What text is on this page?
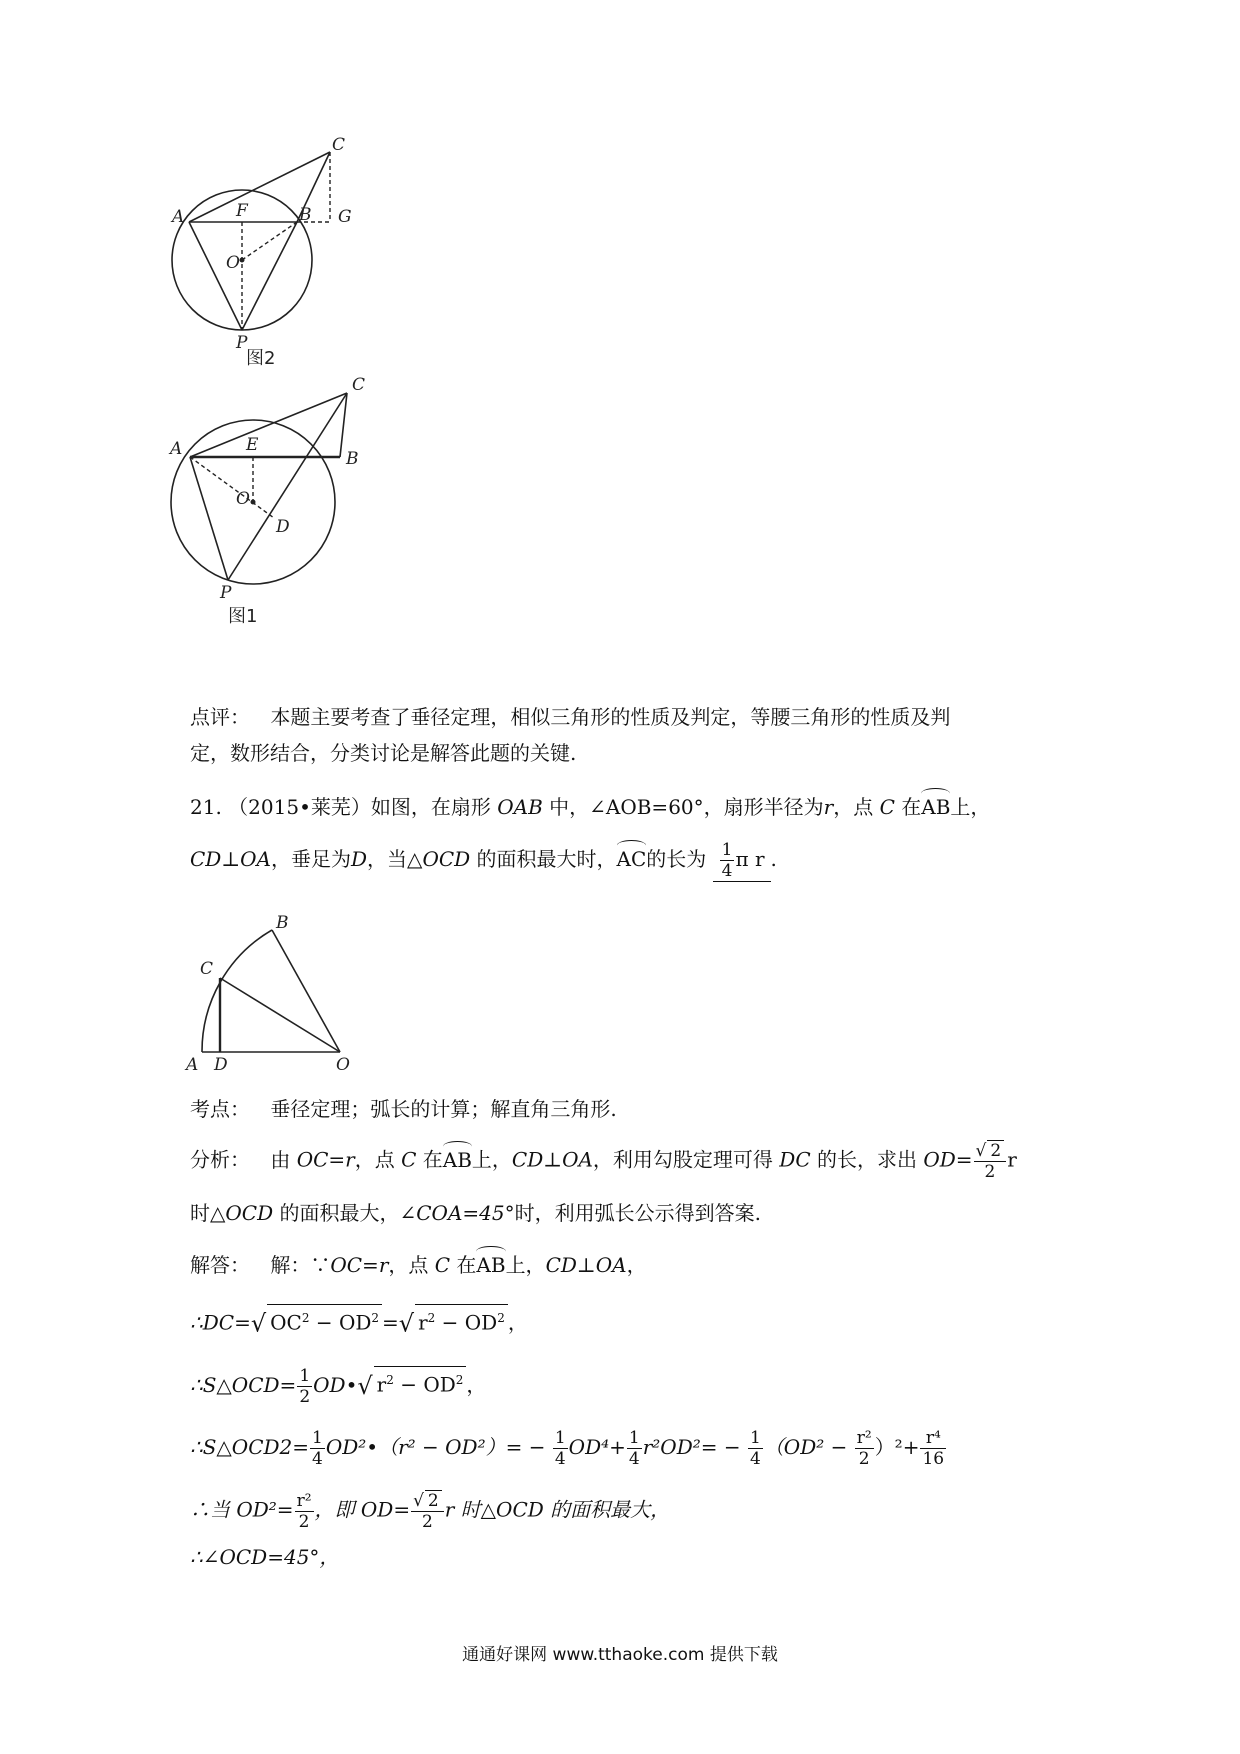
C
A	F	B G
O
P
图2
C
A	E
B
O
D
P
图1
点评： 本题主要考查了垂径定理，相似三角形的性质及判定，等腰三角形的性质及判
定，数形结合，分类讨论是解答此题的关键.
21. （2015•莱芜）如图，在扇形 OAB 中，∠AOB=60°，扇形半径为r，点 C 在AB上，
CD⊥OA，垂足为D，当△OCD 的面积最大时，AC的长为 $\frac{1}{4}$ π r .
B
C
A D	O
考点： 垂径定理；弧长的计算；解直角三角形.
分析： 由 OC=r，点 C 在AB上，CD⊥OA，利用勾股定理可得 DC 的长，求出 $OD= \frac{√ 2}{2}$ r
时△OCD 的面积最大，∠COA=45°时，利用弧长公示得到答案.
解答： 解：∵OC=r，点 C 在AB上，CD⊥OA，
∴DC=√ $OC^2 - OD^2$ =√ $r^2 - OD^2$ ，
∴S△OCD= $\frac{1}{2}$ OD•√ $r^2 - OD^2$ ，
∴S△OCD2= $\frac{1}{4}$ OD²•（r² − $OD^2)= - \frac{1}{4} OD^4+ \frac{1}{4} r^2OD^2= - \frac{1}{4} (OD^2 - \frac{\text{r²}}{2} )^2+ \frac{\text{r⁴}}{16}$
∴当 $OD^2= \frac{\text{r²}}{2}$ ，即 $OD= \frac{√ 2}{2}$ r 时△OCD 的面积最大，
∴∠OCD=45°，
通通好课网 www.tthaoke.com 提供下载
